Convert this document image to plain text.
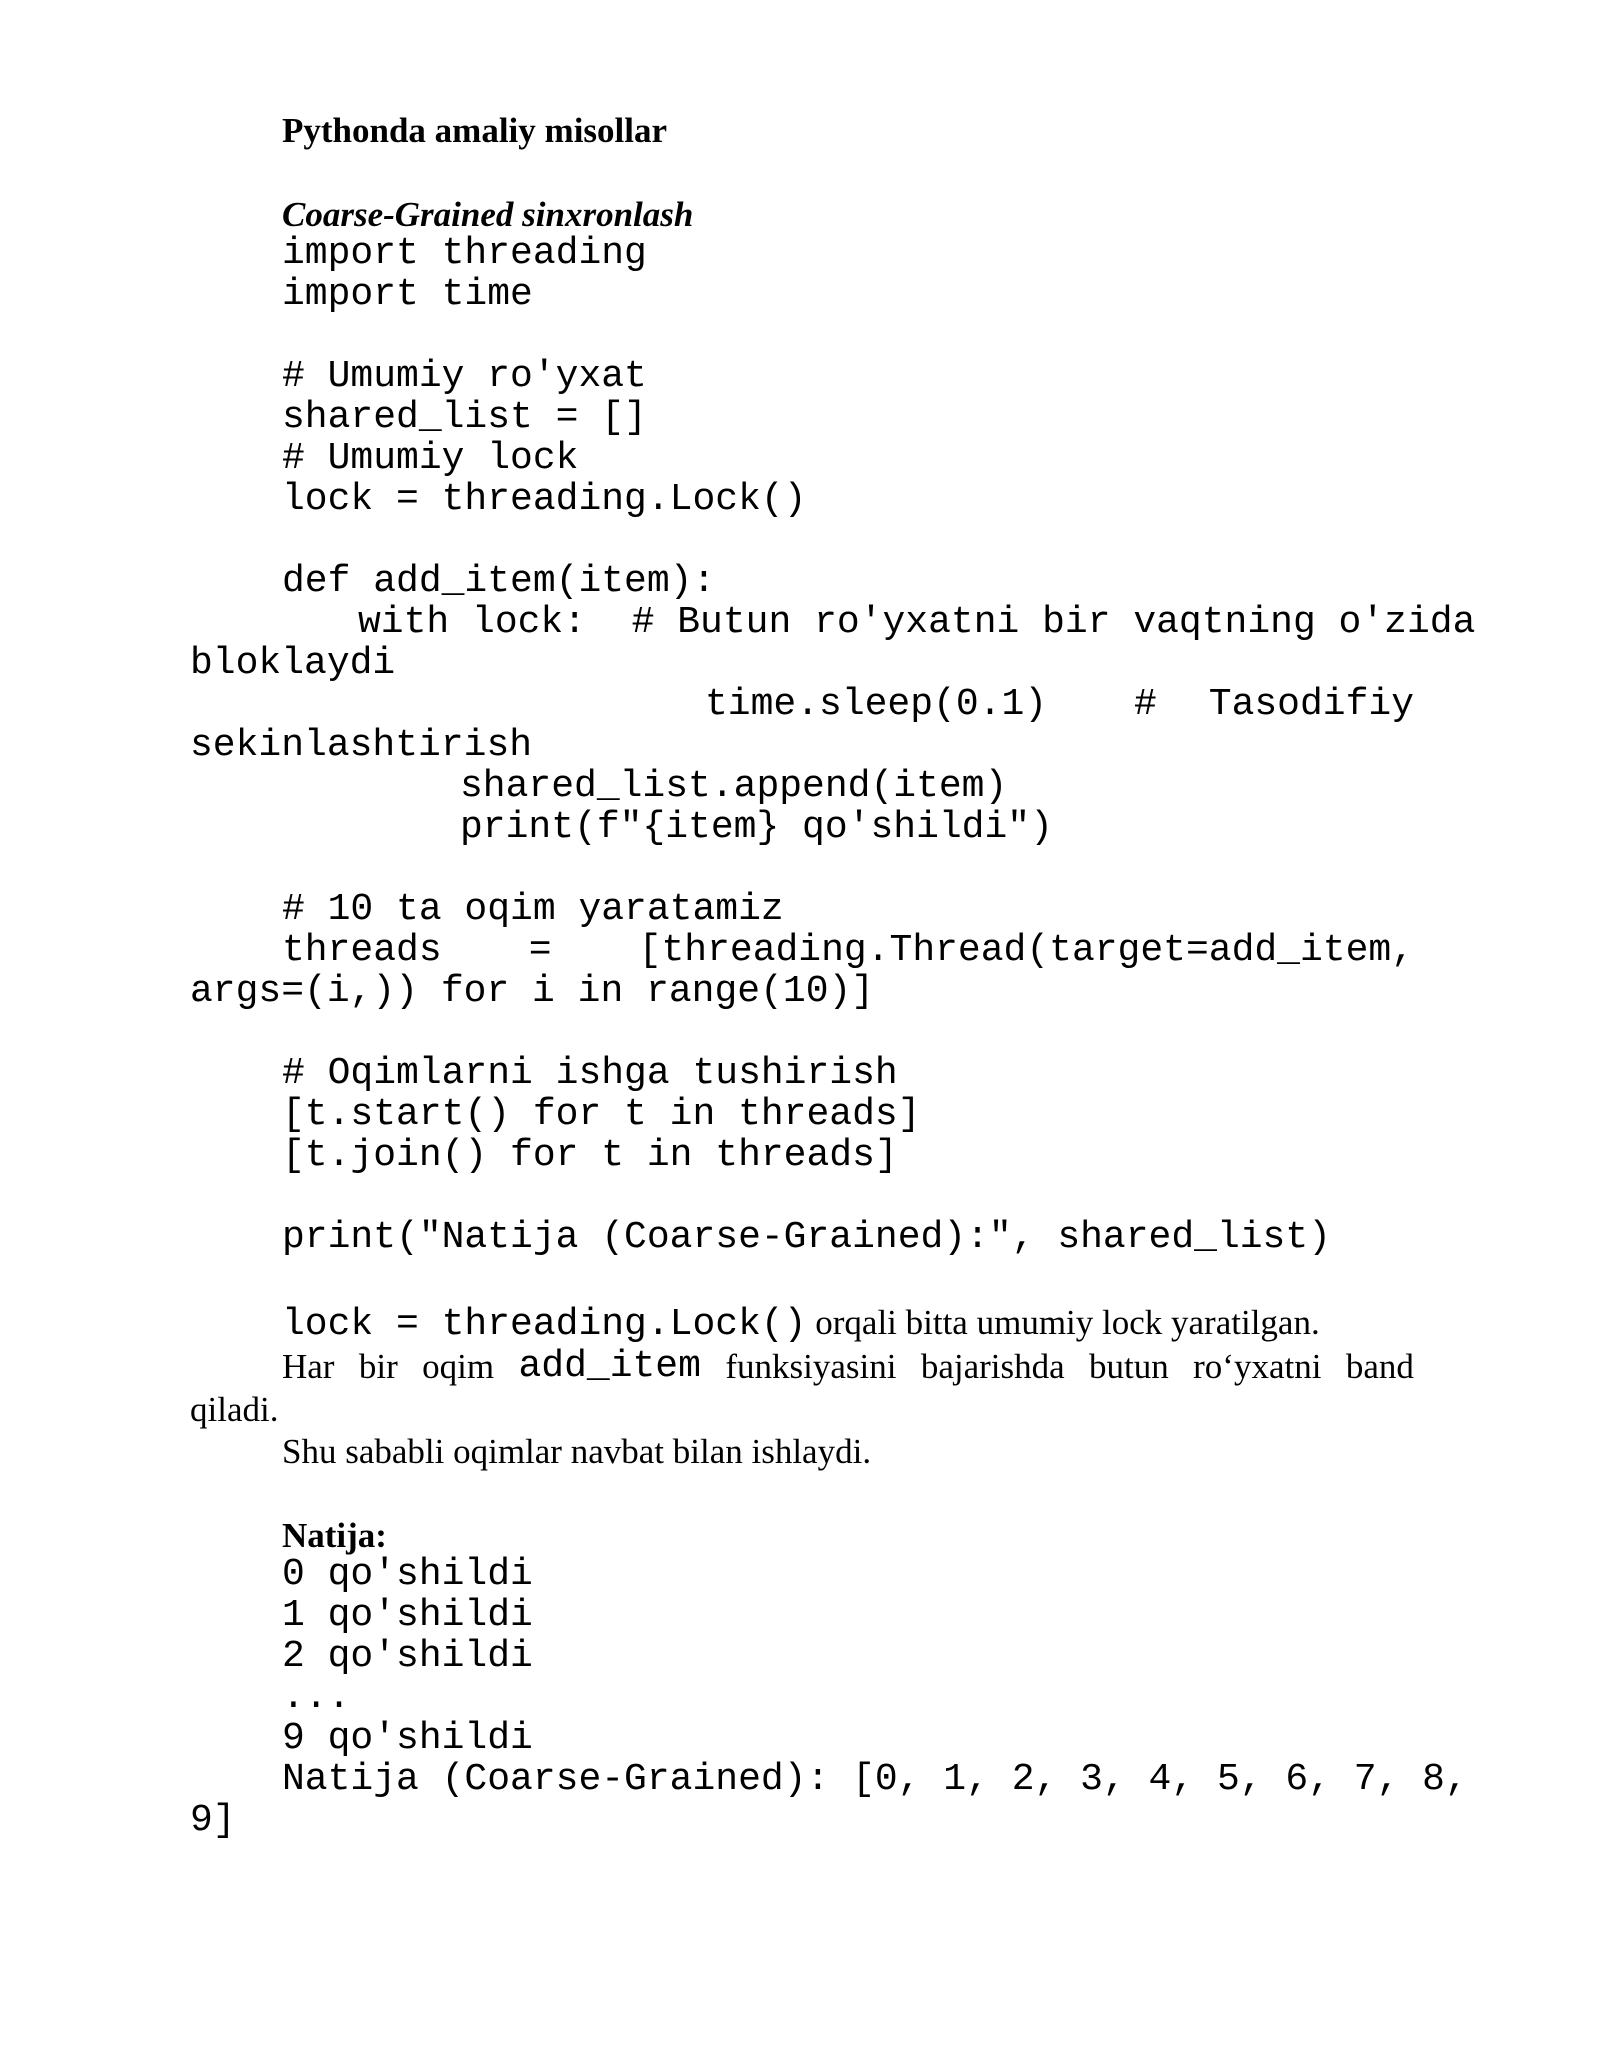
Pythonda amaliy misollar
Coarse-Grained sinxronlash
import threading
import time
# Umumiy ro'yxat
shared_list = []
# Umumiy lock
lock = threading.Lock()
def add_item(item):
with lock:  # Butun ro'yxatni bir vaqtning o'zida
bloklaydi
time.sleep(0.1) # Tasodifiy
sekinlashtirish
shared_list.append(item)
print(f"{item} qo'shildi")
# 10 ta oqim yaratamiz
threads = [threading.Thread(target=add_item,
args=(i,)) for i in range(10)]
# Oqimlarni ishga tushirish
[t.start() for t in threads]
[t.join() for t in threads]
print("Natija (Coarse-Grained):", shared_list)
lock = threading.Lock() orqali bitta umumiy lock yaratilgan.
Har bir oqim add_item funksiyasini bajarishda butun ro‘yxatni band
qiladi.
Shu sababli oqimlar navbat bilan ishlaydi.
Natija:
0 qo'shildi
1 qo'shildi
2 qo'shildi
...
9 qo'shildi
Natija (Coarse-Grained): [0, 1, 2, 3, 4, 5, 6, 7, 8,
9]
